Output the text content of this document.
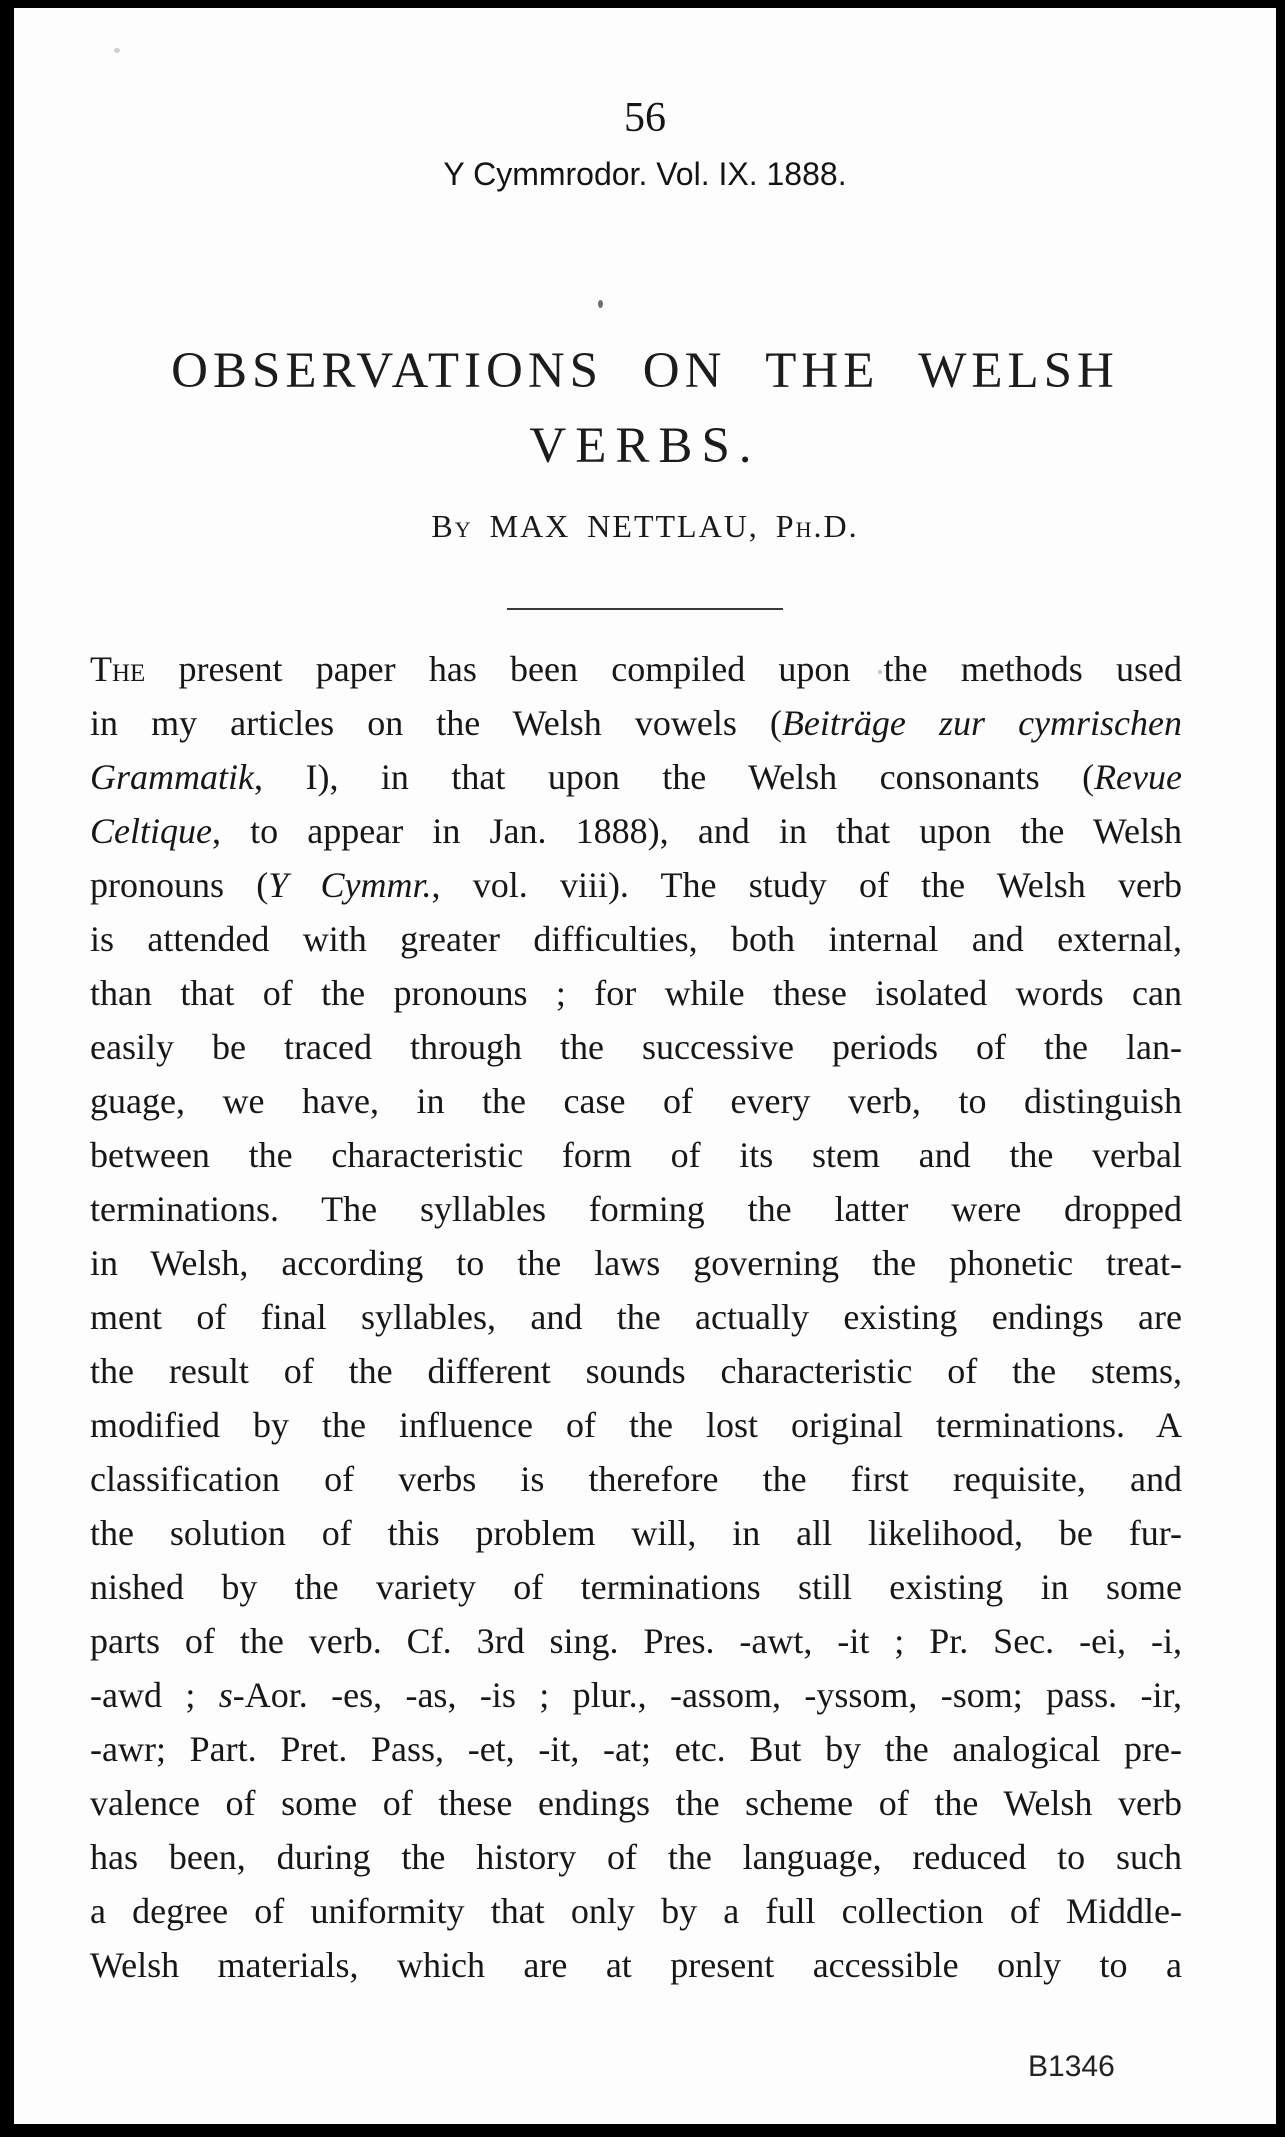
56
Y Cymmrodor. Vol. IX. 1888.
OBSERVATIONS ON THE WELSH
VERBS.
By MAX NETTLAU, Ph.D.
The present paper has been compiled upon the methods used
in my articles on the Welsh vowels (Beiträge zur cymrischen
Grammatik, I), in that upon the Welsh consonants (Revue
Celtique, to appear in Jan. 1888), and in that upon the Welsh
pronouns (Y Cymmr., vol. viii). The study of the Welsh verb
is attended with greater difficulties, both internal and external,
than that of the pronouns ; for while these isolated words can
easily be traced through the successive periods of the lan-
guage, we have, in the case of every verb, to distinguish
between the characteristic form of its stem and the verbal
terminations. The syllables forming the latter were dropped
in Welsh, according to the laws governing the phonetic treat-
ment of final syllables, and the actually existing endings are
the result of the different sounds characteristic of the stems,
modified by the influence of the lost original terminations. A
classification of verbs is therefore the first requisite, and
the solution of this problem will, in all likelihood, be fur-
nished by the variety of terminations still existing in some
parts of the verb. Cf. 3rd sing. Pres. -awt, -it ; Pr. Sec. -ei, -i,
-awd ; s-Aor. -es, -as, -is ; plur., -assom, -yssom, -som; pass. -ir,
-awr; Part. Pret. Pass, -et, -it, -at; etc. But by the analogical pre-
valence of some of these endings the scheme of the Welsh verb
has been, during the history of the language, reduced to such
a degree of uniformity that only by a full collection of Middle-
Welsh materials, which are at present accessible only to a
B1346
